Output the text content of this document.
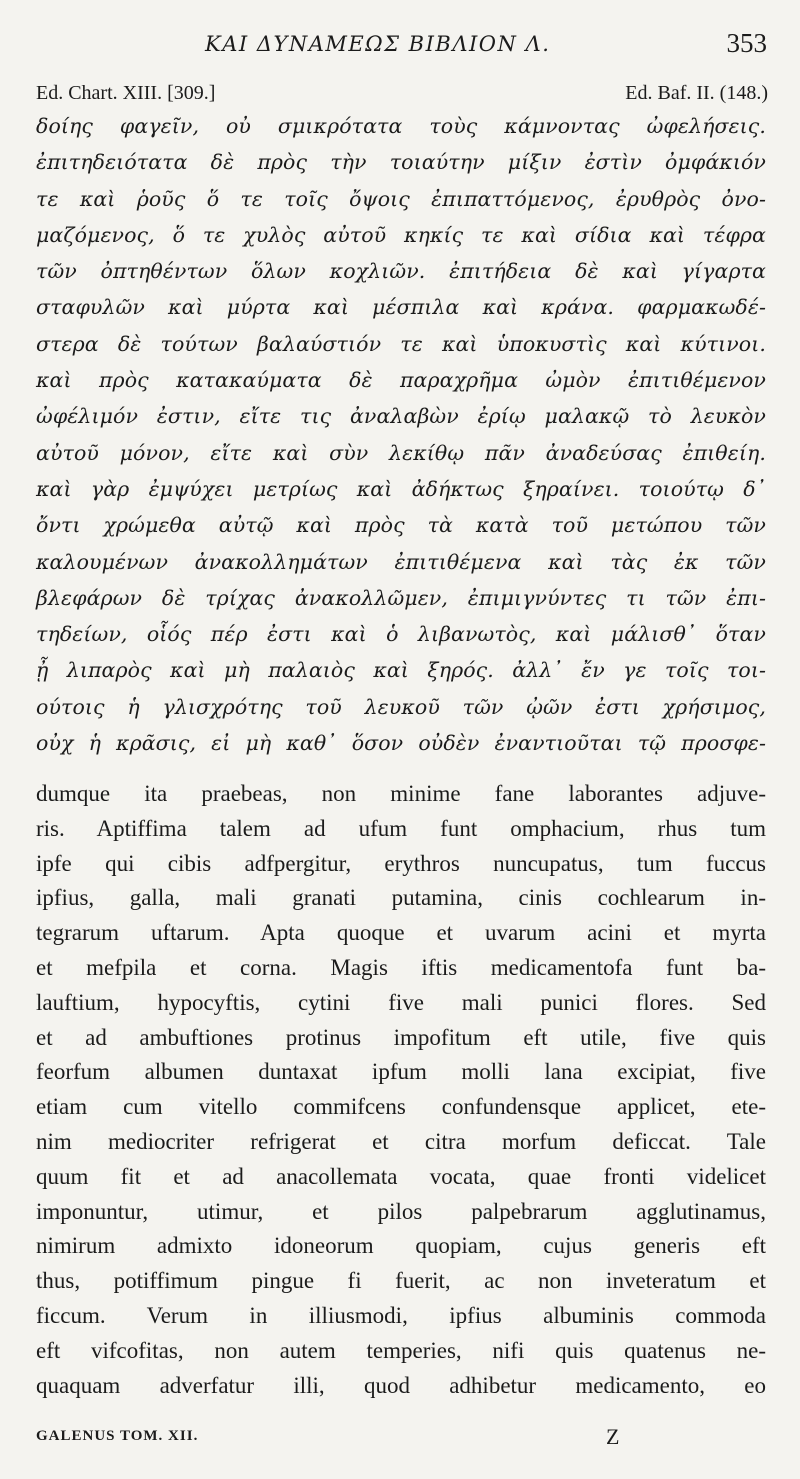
ΚΑΙ ΔΥΝΑΜΕΩΣ ΒΙΒΛΙΟΝ Λ.	353
Ed. Chart. XIII. [309.]	Ed. Baf. II. (148.)
δοίης φαγεῖν, οὐ σμικρότατα τοὺς κάμνοντας ὠφελήσεις.
ἐπιτηδειότατα δὲ πρὸς τὴν τοιαύτην μίξιν ἐστὶν ὀμφάκιόν
τε καὶ ῥοῦς ὅ τε τοῖς ὄψοις ἐπιπαττόμενος, ἐρυθρὸς ὀνο-
μαζόμενος, ὅ τε χυλὸς αὐτοῦ κηκίς τε καὶ σίδια καὶ τέφρα
τῶν ὀπτηθέντων ὅλων κοχλιῶν. ἐπιτήδεια δὲ καὶ γίγαρτα
σταφυλῶν καὶ μύρτα καὶ μέσπιλα καὶ κράνα. φαρμακωδέ-
στερα δὲ τούτων βαλαύστιόν τε καὶ ὑποκυστὶς καὶ κύτινοι.
καὶ πρὸς κατακαύματα δὲ παραχρῆμα ὠμὸν ἐπιτιθέμενον
ὠφέλιμόν ἐστιν, εἴτε τις ἀναλαβὼν ἐρίῳ μαλακῷ τὸ λευκὸν
αὐτοῦ μόνον, εἴτε καὶ σὺν λεκίθῳ πᾶν ἀναδεύσας ἐπιθείη.
καὶ γὰρ ἐμψύχει μετρίως καὶ ἀδήκτως ξηραίνει. τοιούτῳ δ᾽
ὄντι χρώμεθα αὐτῷ καὶ πρὸς τὰ κατὰ τοῦ μετώπου τῶν
καλουμένων ἀνακολλημάτων ἐπιτιθέμενα καὶ τὰς ἐκ τῶν
βλεφάρων δὲ τρίχας ἀνακολλῶμεν, ἐπιμιγνύντες τι τῶν ἐπι-
τηδείων, οἷός πέρ ἐστι καὶ ὁ λιβανωτὸς, καὶ μάλισθ᾽ ὅταν
ᾖ λιπαρὸς καὶ μὴ παλαιὸς καὶ ξηρός. ἀλλ᾽ ἔν γε τοῖς τοι-
ούτοις ἡ γλισχρότης τοῦ λευκοῦ τῶν ᾠῶν ἐστι χρήσιμος,
οὐχ ἡ κρᾶσις, εἰ μὴ καθ᾽ ὅσον οὐδὲν ἐναντιοῦται τῷ προσφε-
dumque ita praebeas, non minime fane laborantes adjuve-
ris. Aptiffima talem ad ufum funt omphacium, rhus tum
ipfe qui cibis adfpergitur, erythros nuncupatus, tum fuccus
ipfius, galla, mali granati putamina, cinis cochlearum in-
tegrarum uftarum. Apta quoque et uvarum acini et myrta
et mefpila et corna. Magis iftis medicamentofa funt ba-
lauftium, hypocyftis, cytini five mali punici flores. Sed
et ad ambuftiones protinus impofitum eft utile, five quis
feorfum albumen duntaxat ipfum molli lana excipiat, five
etiam cum vitello commifcens confundensque applicet, ete-
nim mediocriter refrigerat et citra morfum deficcat. Tale
quum fit et ad anacollemata vocata, quae fronti videlicet
imponuntur, utimur, et pilos palpebrarum agglutinamus,
nimirum admixto idoneorum quopiam, cujus generis eft
thus, potiffimum pingue fi fuerit, ac non inveteratum et
ficcum. Verum in illiusmodi, ipfius albuminis commoda
eft vifcofitas, non autem temperies, nifi quis quatenus ne-
quaquam adverfatur illi, quod adhibetur medicamento, eo
GALENUS TOM. XII.	Z
